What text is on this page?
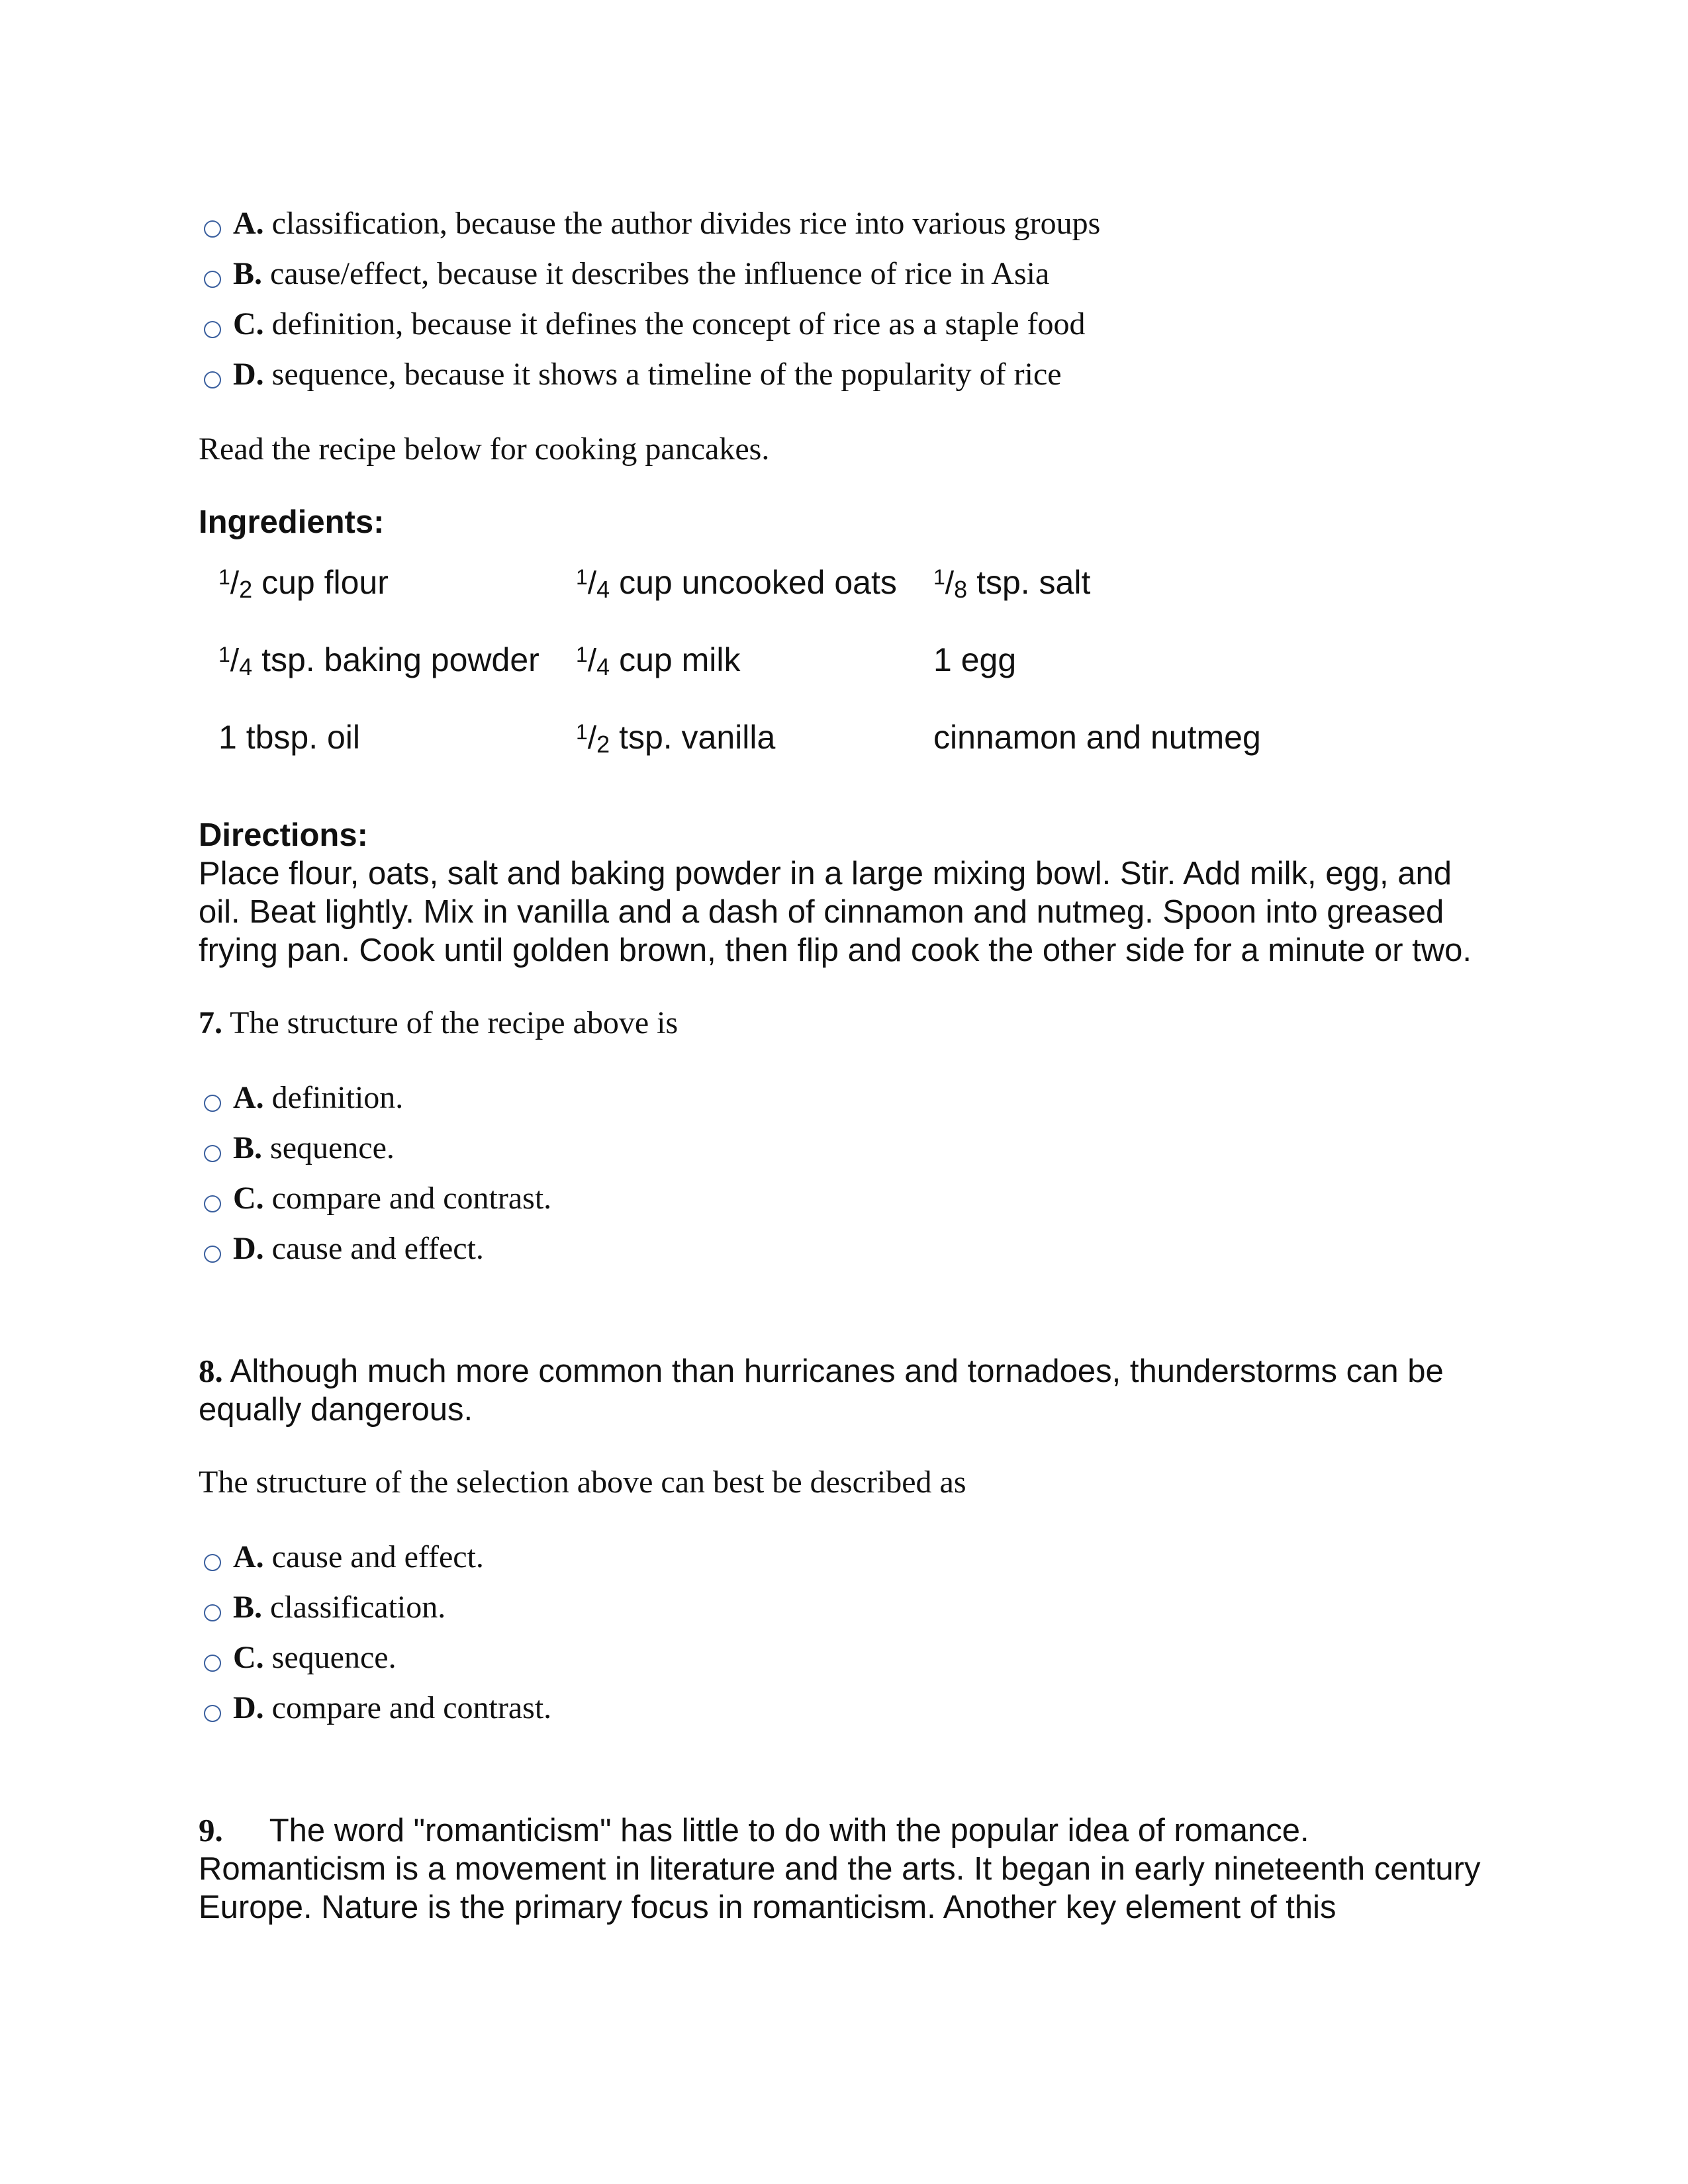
A. classification, because the author divides rice into various groups
B. cause/effect, because it describes the influence of rice in Asia
C. definition, because it defines the concept of rice as a staple food
D. sequence, because it shows a timeline of the popularity of rice

Read the recipe below for cooking pancakes.

Ingredients:

$^1/_2$ cup flour	$^1/_4$ cup uncooked oats	$^1/_8$ tsp. salt
$^1/_4$ tsp. baking powder	$^1/_4$ cup milk	1 egg
1 tbsp. oil	$^1/_2$ tsp. vanilla	cinnamon and nutmeg

Directions:

Place flour, oats, salt and baking powder in a large mixing bowl. Stir. Add milk, egg, and oil. Beat lightly. Mix in vanilla and a dash of cinnamon and nutmeg. Spoon into greased frying pan. Cook until golden brown, then flip and cook the other side for a minute or two.

7. The structure of the recipe above is

A. definition.
B. sequence.
C. compare and contrast.
D. cause and effect.

8. Although much more common than hurricanes and tornadoes, thunderstorms can be equally dangerous.

The structure of the selection above can best be described as

A. cause and effect.
B. classification.
C. sequence.
D. compare and contrast.

9. The word "romanticism" has little to do with the popular idea of romance. Romanticism is a movement in literature and the arts. It began in early nineteenth century Europe. Nature is the primary focus in romanticism. Another key element of this
